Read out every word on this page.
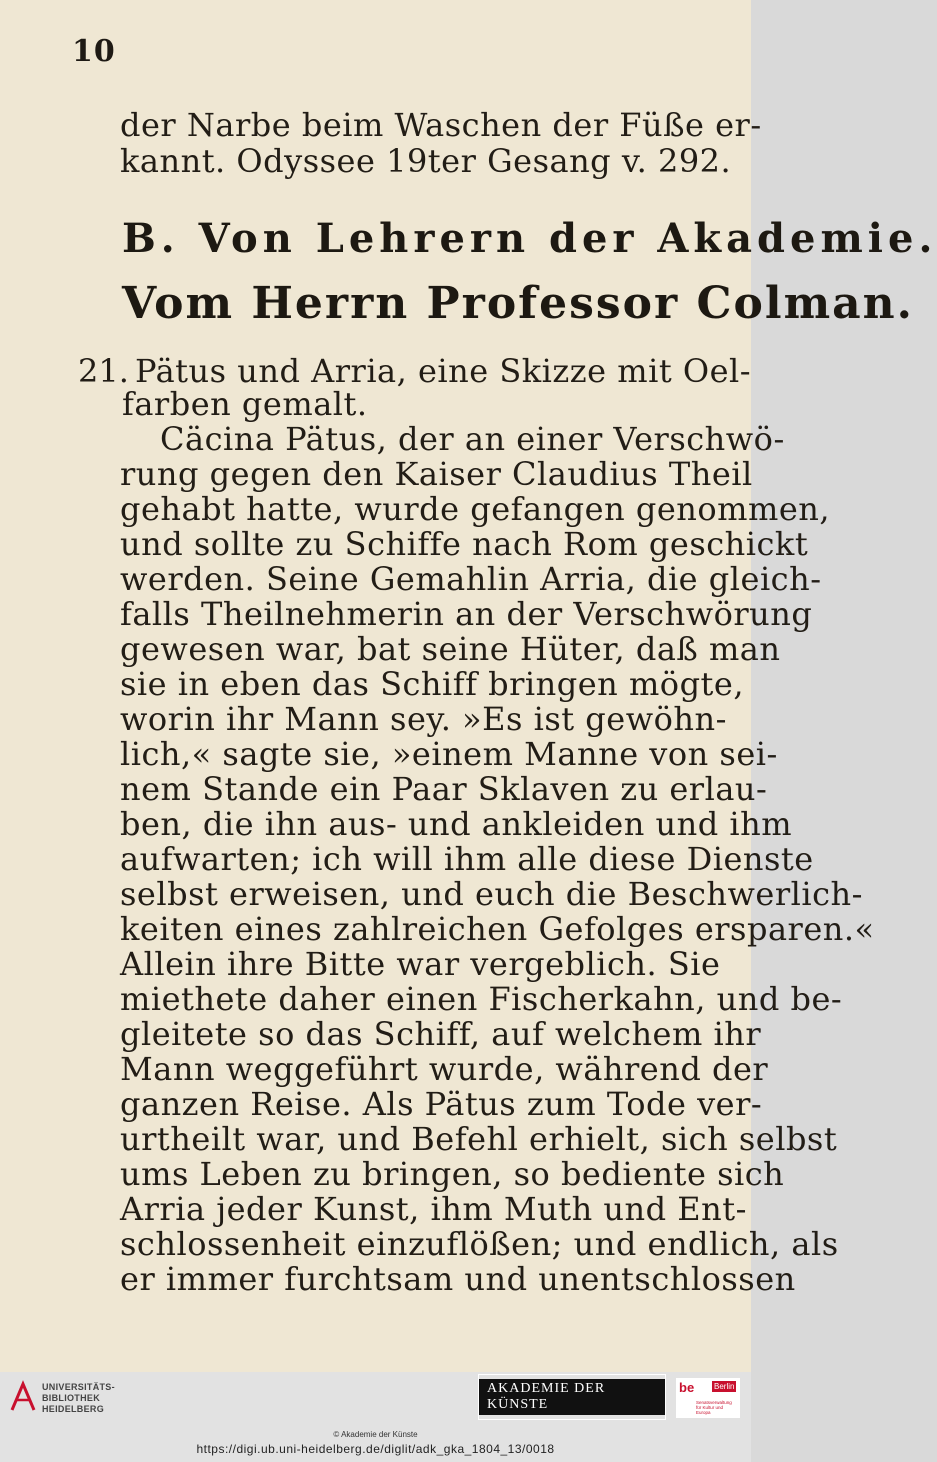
10
der Narbe beim Waschen der Füße er-
kannt. Odyssee 19ter Gesang v. 292.
B. Von Lehrern der Akademie.
Vom Herrn Professor Colman.
21. Pätus und Arria, eine Skizze mit Oel-
farben gemalt.
Cäcina Pätus, der an einer Verschwö-
rung gegen den Kaiser Claudius Theil
gehabt hatte, wurde gefangen genommen,
und sollte zu Schiffe nach Rom geschickt
werden. Seine Gemahlin Arria, die gleich-
falls Theilnehmerin an der Verschwörung
gewesen war, bat seine Hüter, daß man
sie in eben das Schiff bringen mögte,
worin ihr Mann sey. »Es ist gewöhn-
lich,« sagte sie, »einem Manne von sei-
nem Stande ein Paar Sklaven zu erlau-
ben, die ihn aus- und ankleiden und ihm
aufwarten; ich will ihm alle diese Dienste
selbst erweisen, und euch die Beschwerlich-
keiten eines zahlreichen Gefolges ersparen.«
Allein ihre Bitte war vergeblich. Sie
miethete daher einen Fischerkahn, und be-
gleitete so das Schiff, auf welchem ihr
Mann weggeführt wurde, während der
ganzen Reise. Als Pätus zum Tode ver-
urtheilt war, und Befehl erhielt, sich selbst
ums Leben zu bringen, so bediente sich
Arria jeder Kunst, ihm Muth und Ent-
schlossenheit einzuflößen; und endlich, als
er immer furchtsam und unentschlossen
UNIVERSITÄTS-
BIBLIOTHEK
HEIDELBERG
AKADEMIE DER KÜNSTE
be Berlin
Senatsverwaltung für Kultur und Europa
© Akademie der Künste
https://digi.ub.uni-heidelberg.de/diglit/adk_gka_1804_13/0018
